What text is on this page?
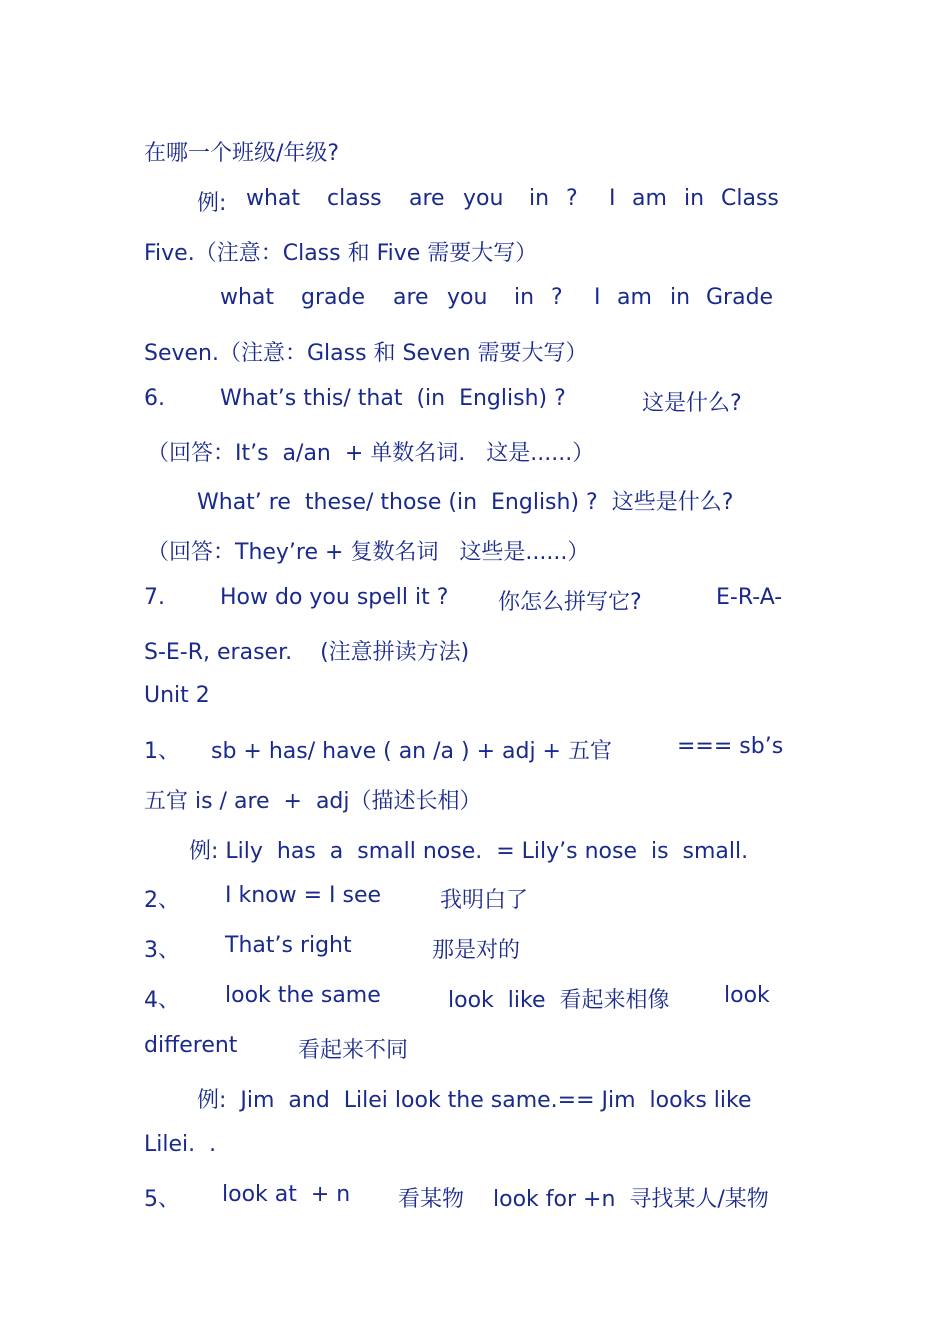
在哪一个班级/年级?

例:

what

class

are

you

in

?

I

am

in

Class

Five.（注意：Class 和 Five 需要大写）

what

grade

are

you

in

?

I

am

in

Grade

Seven.（注意：Glass 和 Seven 需要大写）

6.

	What’s this/ that  (in  English) ?

	这是什么?

（回答：It’s  a/an  + 单数名词.   这是......）

What’ re  these/ those (in  English) ?  这些是什么?

（回答：They’re + 复数名词   这些是......）

7.

	How do you spell it ?

你怎么拼写它?

	E-R-A-

S-E-R, eraser.    (注意拼读方法)

Unit 2

1、

sb + has/ have ( an /a ) + adj + 五官

	=== sb’s

五官 is / are  +  adj（描述长相）

例: Lily  has  a  small nose.  = Lily’s nose  is  small.

2、

I know = I see

	我明白了

3、

That’s right

	那是对的

4、

look the same

	look  like  看起来相像

look

different

	看起来不同

例:  Jim  and  Lilei look the same.== Jim  looks like

Lilei.  .

5、

look at  + n

看某物

look for +n  寻找某人/某物
